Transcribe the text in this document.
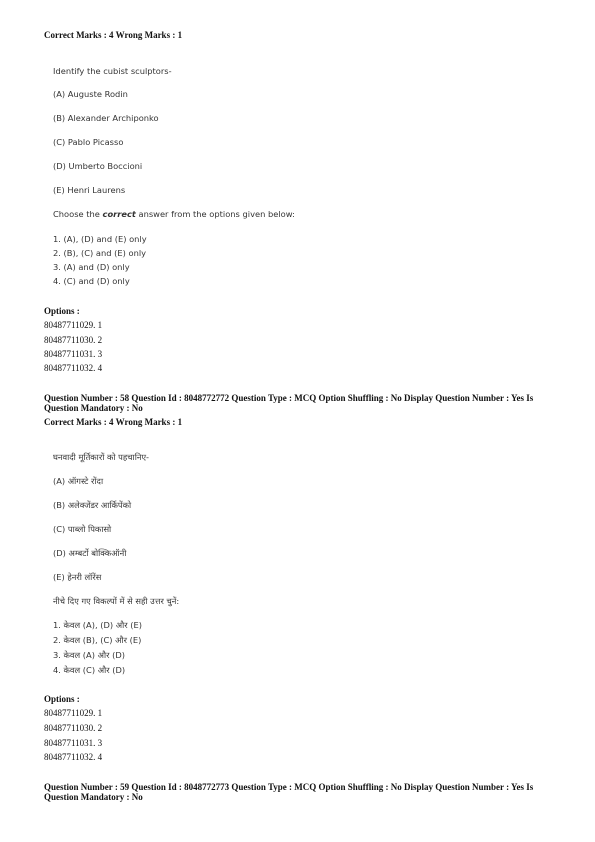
Correct Marks : 4 Wrong Marks : 1
Identify the cubist sculptors-
(A) Auguste Rodin
(B) Alexander Archiponko
(C) Pablo Picasso
(D) Umberto Boccioni
(E) Henri Laurens
Choose the correct answer from the options given below:
1. (A), (D) and (E) only
2. (B), (C) and (E) only
3. (A) and (D) only
4. (C) and (D) only
Options :
80487711029. 1
80487711030. 2
80487711031. 3
80487711032. 4
Question Number : 58 Question Id : 8048772772 Question Type : MCQ Option Shuffling : No Display Question Number : Yes Is Question Mandatory : No
Correct Marks : 4 Wrong Marks : 1
घनवादी मूर्तिकारों को पहचानिए-
(A) ऑगस्टे रोंदा
(B) अलेक्जेंडर आर्किपेंको
(C) पाब्लो पिकासो
(D) अम्बर्टो बोक्किऑनी
(E) हेनरी लॉरेंस
नीचे दिए गए विकल्पों में से सही उत्तर चुनें:
1. केवल (A), (D) और (E)
2. केवल (B), (C) और (E)
3. केवल (A) और (D)
4. केवल (C) और (D)
Options :
80487711029. 1
80487711030. 2
80487711031. 3
80487711032. 4
Question Number : 59 Question Id : 8048772773 Question Type : MCQ Option Shuffling : No Display Question Number : Yes Is Question Mandatory : No
